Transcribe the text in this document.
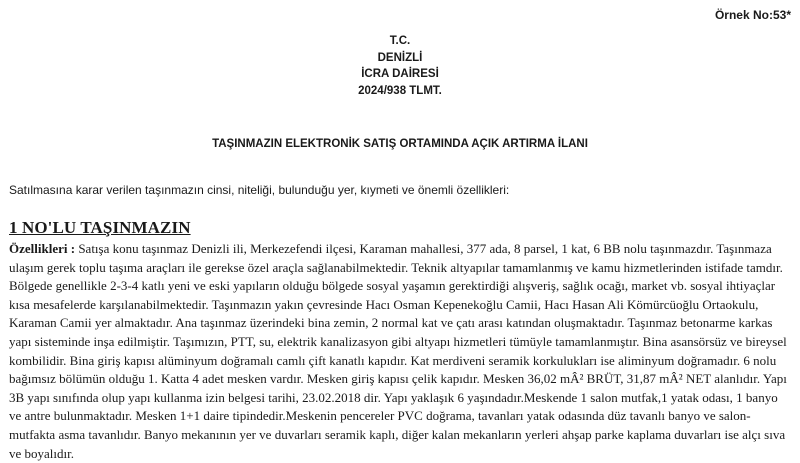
Örnek No:53*
T.C.
DENİZLİ
İCRA DAİRESİ
2024/938 TLMT.
TAŞINMAZIN ELEKTRONİK SATIŞ ORTAMINDA AÇIK ARTIRMA İLANI
Satılmasına karar verilen taşınmazın cinsi, niteliği, bulunduğu yer, kıymeti ve önemli özellikleri:
1 NO'LU TAŞINMAZIN
Özellikleri : Satışa konu taşınmaz Denizli ili, Merkezefendi ilçesi, Karaman mahallesi, 377 ada, 8 parsel, 1 kat, 6 BB nolu taşınmazdır. Taşınmaza ulaşım gerek toplu taşıma araçları ile gerekse özel araçla sağlanabilmektedir. Teknik altyapılar tamamlanmış ve kamu hizmetlerinden istifade tamdır. Bölgede genellikle 2-3-4 katlı yeni ve eski yapıların olduğu bölgede sosyal yaşamın gerektirdiği alışveriş, sağlık ocağı, market vb. sosyal ihtiyaçlar kısa mesafelerde karşılanabilmektedir. Taşınmazın yakın çevresinde Hacı Osman Kepenekoğlu Camii, Hacı Hasan Ali Kömürcüoğlu Ortaokulu, Karaman Camii yer almaktadır. Ana taşınmaz üzerindeki bina zemin, 2 normal kat ve çatı arası katından oluşmaktadır. Taşınmaz betonarme karkas yapı sisteminde inşa edilmiştir. Taşımızın, PTT, su, elektrik kanalizasyon gibi altyapı hizmetleri tümüyle tamamlanmıştır. Bina asansörsüz ve bireysel kombilidir. Bina giriş kapısı alüminyum doğramalı camlı çift kanatlı kapıdır. Kat merdiveni seramik korkulukları ise aliminyum doğramadır. 6 nolu bağımsız bölümün olduğu 1. Katta 4 adet mesken vardır. Mesken giriş kapısı çelik kapıdır. Mesken 36,02 mÂ² BRÜT, 31,87 mÂ² NET alanlıdır. Yapı 3B yapı sınıfında olup yapı kullanma izin belgesi tarihi, 23.02.2018 dir. Yapı yaklaşık 6 yaşındadır.Meskende 1 salon mutfak,1 yatak odası, 1 banyo ve antre bulunmaktadır. Mesken 1+1 daire tipindedir.Meskenin pencereler PVC doğrama, tavanları yatak odasında düz tavanlı banyo ve salon-mutfakta asma tavanlıdır. Banyo mekanının yer ve duvarları seramik kaplı, diğer kalan mekanların yerleri ahşap parke kaplama duvarları ise alçı sıva ve boyalıdır.
